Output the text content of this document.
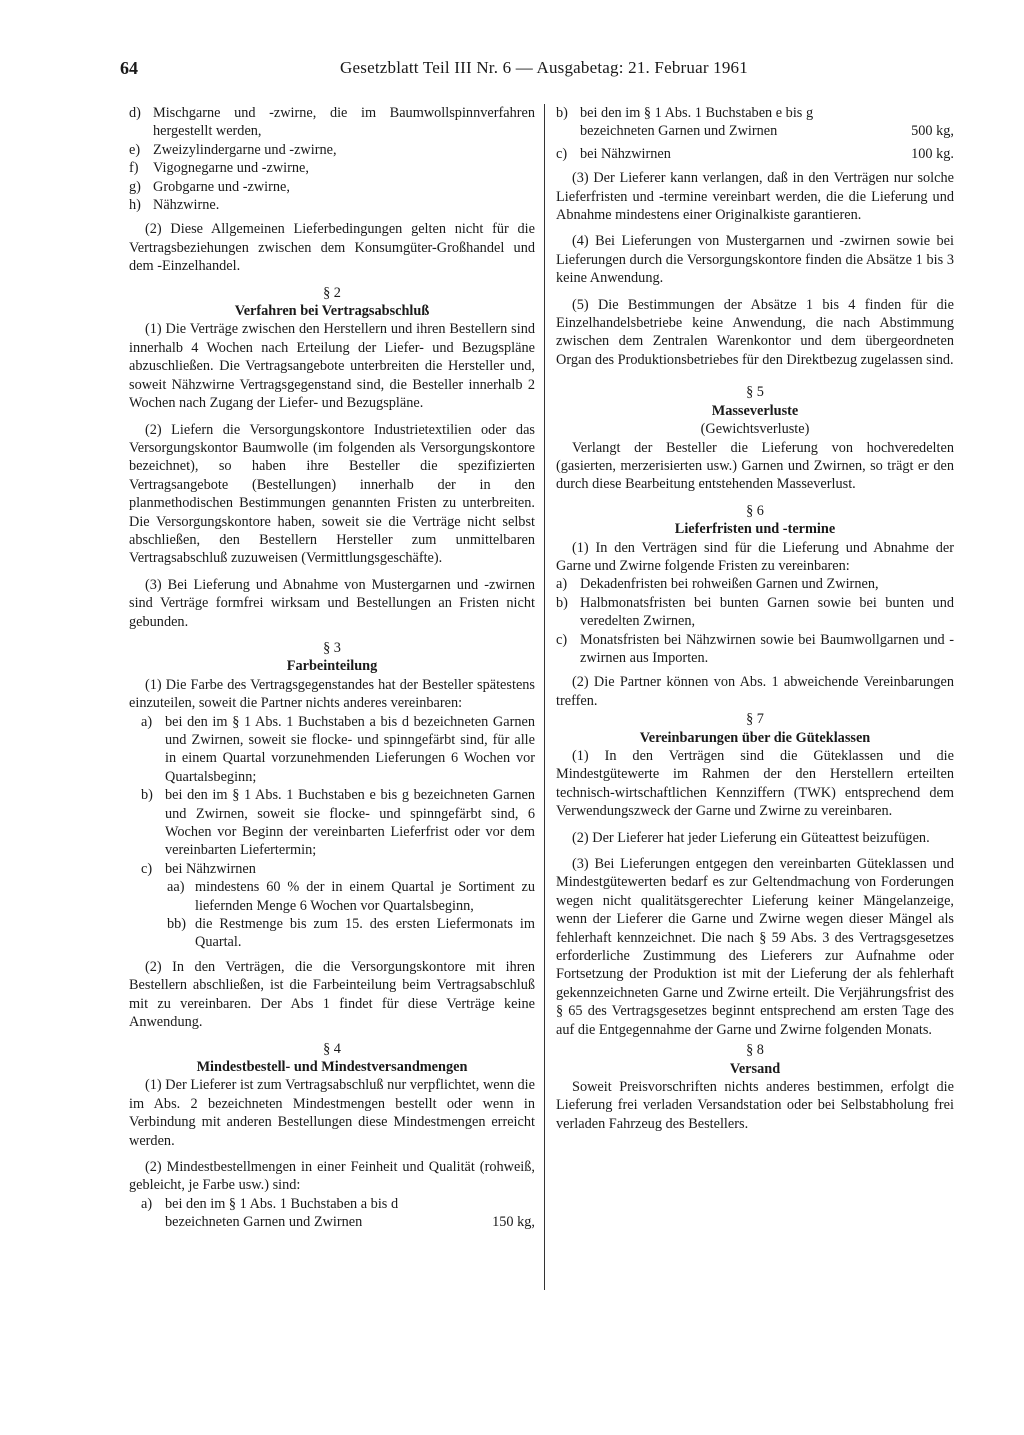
64	Gesetzblatt Teil III Nr. 6 — Ausgabetag: 21. Februar 1961
d) Mischgarne und -zwirne, die im Baumwollspinnverfahren hergestellt werden,
e) Zweizylindergarne und -zwirne,
f)	Vigognegarne und -zwirne,
g) Grobgarne und -zwirne,
h) Nähzwirne.

(2) Diese Allgemeinen Lieferbedingungen gelten nicht für die Vertragsbeziehungen zwischen dem Konsumgüter-Großhandel und dem -Einzelhandel.

§ 2
Verfahren bei Vertragsabschluß

(1) Die Verträge zwischen den Herstellern und ihren Bestellern sind innerhalb 4 Wochen nach Erteilung der Liefer- und Bezugspläne abzuschließen. Die Vertragsangebote unterbreiten die Hersteller und, soweit Nähzwirne Vertragsgegenstand sind, die Besteller innerhalb 2 Wochen nach Zugang der Liefer- und Bezugspläne.

(2) Liefern die Versorgungskontore Industrietextilien oder das Versorgungskontor Baumwolle (im folgenden als Versorgungskontore bezeichnet), so haben ihre Besteller die spezifizierten Vertragsangebote (Bestellungen) innerhalb der in den planmethodischen Bestimmungen genannten Fristen zu unterbreiten. Die Versorgungskontore haben, soweit sie die Verträge nicht selbst abschließen, den Bestellern Hersteller zum unmittelbaren Vertragsabschluß zuzuweisen (Vermittlungsgeschäfte).

(3) Bei Lieferung und Abnahme von Mustergarnen und -zwirnen sind Verträge formfrei wirksam und Bestellungen an Fristen nicht gebunden.

§ 3
Farbeinteilung

(1) Die Farbe des Vertragsgegenstandes hat der Besteller spätestens einzuteilen, soweit die Partner nichts anderes vereinbaren:

a) bei den im § 1 Abs. 1 Buchstaben a bis d bezeichneten Garnen und Zwirnen, soweit sie flocke- und spinngefärbt sind, für alle in einem Quartal vorzunehmenden Lieferungen 6 Wochen vor Quartalsbeginn;
b) bei den im § 1 Abs. 1 Buchstaben e bis g bezeichneten Garnen und Zwirnen, soweit sie flocke- und spinngefärbt sind, 6 Wochen vor Beginn der vereinbarten Lieferfrist oder vor dem vereinbarten Liefertermin;
c) bei Nähzwirnen
aa) mindestens 60 % der in einem Quartal je Sortiment zu liefernden Menge 6 Wochen vor Quartalsbeginn,
bb) die Restmenge bis zum 15. des ersten Liefermonats im Quartal.

(2) In den Verträgen, die die Versorgungskontore mit ihren Bestellern abschließen, ist die Farbeinteilung beim Vertragsabschluß mit zu vereinbaren. Der Abs 1 findet für diese Verträge keine Anwendung.

§ 4
Mindestbestell- und Mindestversandmengen

(1) Der Lieferer ist zum Vertragsabschluß nur verpflichtet, wenn die im Abs. 2 bezeichneten Mindestmengen bestellt oder wenn in Verbindung mit anderen Bestellungen diese Mindestmengen erreicht werden.

(2) Mindestbestellmengen in einer Feinheit und Qualität (rohweiß, gebleicht, je Farbe usw.) sind:

a) bei den im § 1 Abs. 1 Buchstaben a bis d

bezeichneten Garnen und Zwirnen	150 kg,
b) bei den im § 1 Abs. 1 Buchstaben e bis g

bezeichneten Garnen und Zwirnen	500 kg,
c) bei Nähzwirnen	100 kg.

(3) Der Lieferer kann verlangen, daß in den Verträgen nur solche Lieferfristen und -termine vereinbart werden, die die Lieferung und Abnahme mindestens einer Originalkiste garantieren.

(4) Bei Lieferungen von Mustergarnen und -zwirnen sowie bei Lieferungen durch die Versorgungskontore finden die Absätze 1 bis 3 keine Anwendung.

(5) Die Bestimmungen der Absätze 1 bis 4 finden für die Einzelhandelsbetriebe keine Anwendung, die nach Abstimmung zwischen dem Zentralen Warenkontor und dem übergeordneten Organ des Produktionsbetriebes für den Direktbezug zugelassen sind.

§ 5
Masseverluste
(Gewichtsverluste)

Verlangt der Besteller die Lieferung von hochveredelten (gasierten, merzerisierten usw.) Garnen und Zwirnen, so trägt er den durch diese Bearbeitung entstehenden Masseverlust.

§ 6
Lieferfristen und -termine

(1) In den Verträgen sind für die Lieferung und Abnahme der Garne und Zwirne folgende Fristen zu vereinbaren:

a) Dekadenfristen bei rohweißen Garnen und Zwirnen,
b) Halbmonatsfristen bei bunten Garnen sowie bei bunten und veredelten Zwirnen,
c) Monatsfristen bei Nähzwirnen sowie bei Baumwollgarnen und -zwirnen aus Importen.

(2) Die Partner können von Abs. 1 abweichende Vereinbarungen treffen.

§ 7
Vereinbarungen über die Güteklassen

(1) In den Verträgen sind die Güteklassen und die Mindestgütewerte im Rahmen der den Herstellern erteilten technisch-wirtschaftlichen Kennziffern (TWK) entsprechend dem Verwendungszweck der Garne und Zwirne zu vereinbaren.

(2) Der Lieferer hat jeder Lieferung ein Güteattest beizufügen.

(3) Bei Lieferungen entgegen den vereinbarten Güteklassen und Mindestgütewerten bedarf es zur Geltendmachung von Forderungen wegen nicht qualitätsgerechter Lieferung keiner Mängelanzeige, wenn der Lieferer die Garne und Zwirne wegen dieser Mängel als fehlerhaft kennzeichnet. Die nach § 59 Abs. 3 des Vertragsgesetzes erforderliche Zustimmung des Lieferers zur Aufnahme oder Fortsetzung der Produktion ist mit der Lieferung der als fehlerhaft gekennzeichneten Garne und Zwirne erteilt. Die Verjährungsfrist des § 65 des Vertragsgesetzes beginnt entsprechend am ersten Tage des auf die Entgegennahme der Garne und Zwirne folgenden Monats.

§ 8
Versand

Soweit Preisvorschriften nichts anderes bestimmen, erfolgt die Lieferung frei verladen Versandstation oder bei Selbstabholung frei verladen Fahrzeug des Bestellers.
